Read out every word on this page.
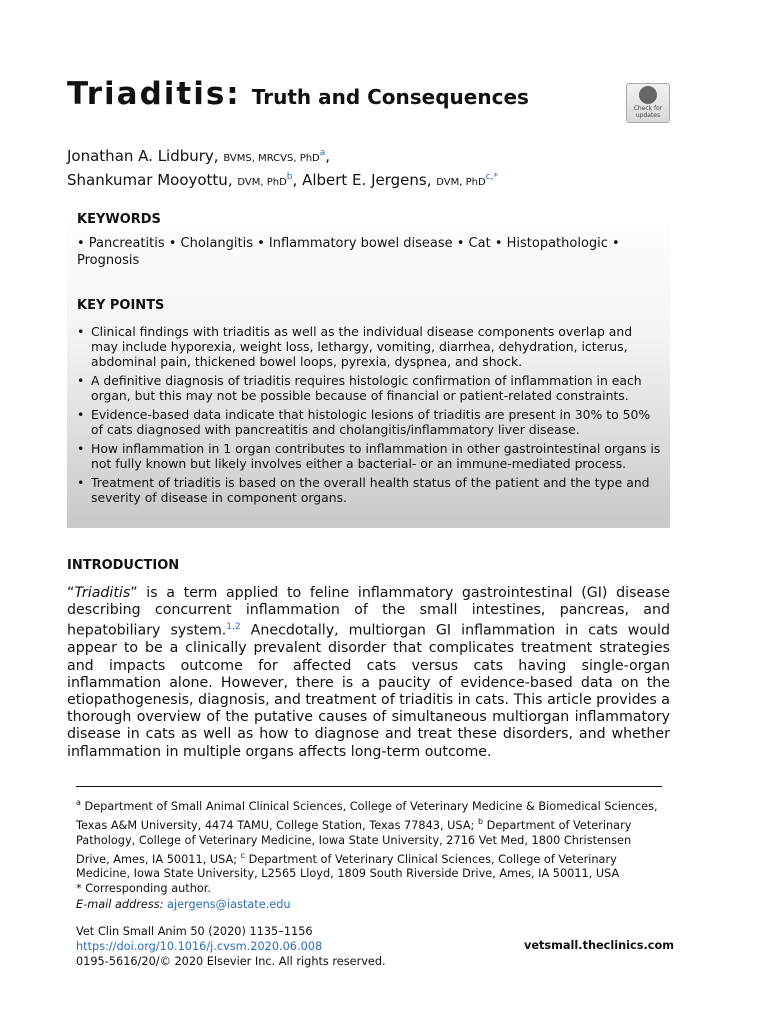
Triaditis: Truth and Consequences	Check for
updates
Jonathan A. Lidbury, BVMS, MRCVS, PhD$^a$,
Shankumar Mooyottu, DVM, PhD$^b$, Albert E. Jergens, DVM, PhD$^{c,*}$
KEYWORDS
• Pancreatitis • Cholangitis • Inflammatory bowel disease • Cat • Histopathologic • Prognosis
KEY POINTS
• Clinical findings with triaditis as well as the individual disease components overlap and may include hyporexia, weight loss, lethargy, vomiting, diarrhea, dehydration, icterus, abdominal pain, thickened bowel loops, pyrexia, dyspnea, and shock.
• A definitive diagnosis of triaditis requires histologic confirmation of inflammation in each organ, but this may not be possible because of financial or patient-related constraints.
• Evidence-based data indicate that histologic lesions of triaditis are present in 30% to 50% of cats diagnosed with pancreatitis and cholangitis/inflammatory liver disease.
• How inflammation in 1 organ contributes to inflammation in other gastrointestinal organs is not fully known but likely involves either a bacterial- or an immune-mediated process.
• Treatment of triaditis is based on the overall health status of the patient and the type and severity of disease in component organs.
INTRODUCTION

“Triaditis” is a term applied to feline inflammatory gastrointestinal (GI) disease describing concurrent inflammation of the small intestines, pancreas, and hepatobiliary system.$^{1,2}$ Anecdotally, multiorgan GI inflammation in cats would appear to be a clinically prevalent disorder that complicates treatment strategies and impacts outcome for affected cats versus cats having single-organ inflammation alone. However, there is a paucity of evidence-based data on the etiopathogenesis, diagnosis, and treatment of triaditis in cats. This article provides a thorough overview of the putative causes of simultaneous multiorgan inflammatory disease in cats as well as how to diagnose and treat these disorders, and whether inflammation in multiple organs affects long-term outcome.

$^a$ Department of Small Animal Clinical Sciences, College of Veterinary Medicine & Biomedical Sciences, Texas A&M University, 4474 TAMU, College Station, Texas 77843, USA; $^b$ Department of Veterinary Pathology, College of Veterinary Medicine, Iowa State University, 2716 Vet Med, 1800 Christensen Drive, Ames, IA 50011, USA; $^c$ Department of Veterinary Clinical Sciences, College of Veterinary Medicine, Iowa State University, L2565 Lloyd, 1809 South Riverside Drive, Ames, IA 50011, USA
* Corresponding author.

E-mail address: ajergens@iastate.edu
Vet Clin Small Anim 50 (2020) 1135–1156
https://doi.org/10.1016/j.cvsm.2020.06.008
0195-5616/20/© 2020 Elsevier Inc. All rights reserved.
vetsmall.theclinics.com
